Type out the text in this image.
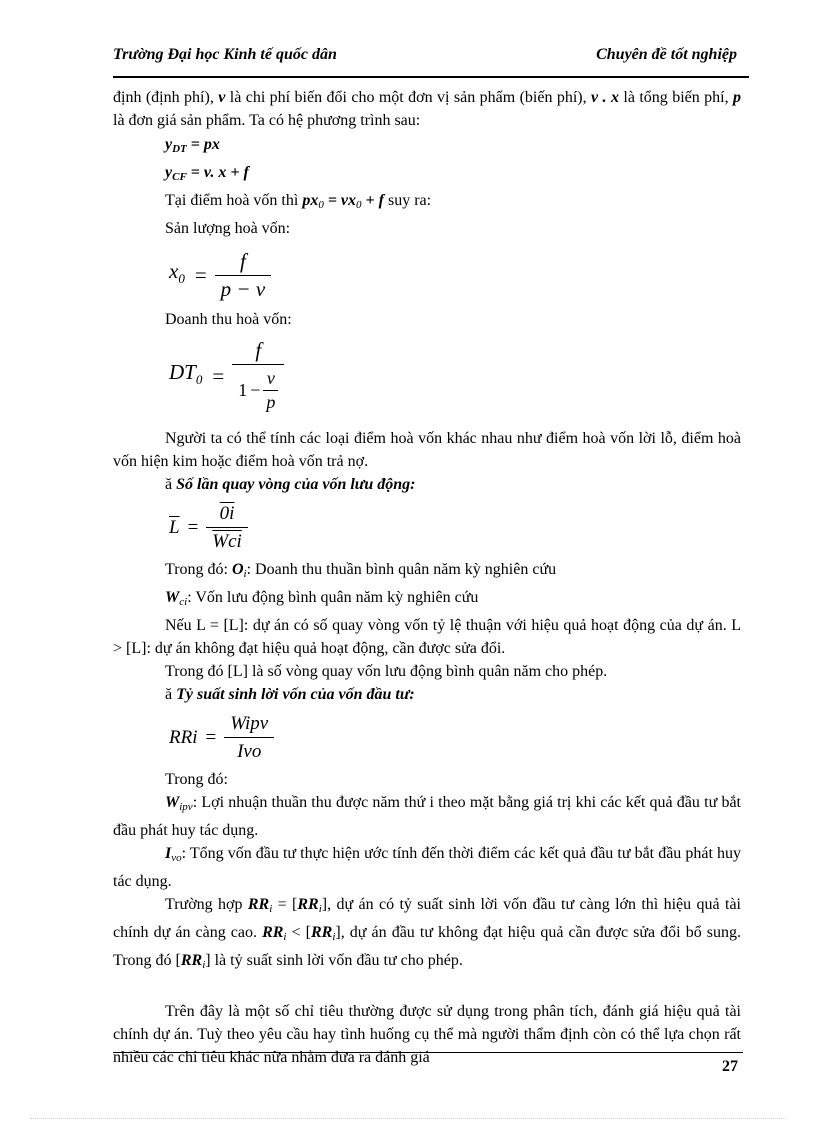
Trường Đại học Kinh tế quốc dân	Chuyên đề tốt nghiệp

định (định phí), v là chi phí biến đổi cho một đơn vị sản phẩm (biến phí), v . x là tổng biến phí, p là đơn giá sản phẩm. Ta có hệ phương trình sau:

$y_{DT}$ = px

$y_{CF} = v$. x + f

Tại điểm hoà vốn thì $px_0 = vx_0 + f$ suy ra:

Sản lượng hoà vốn:

$x_0 = \frac{f}{p - v}$

Doanh thu hoà vốn:

$DT_0$ =
f
1 −
v
p

Người ta có thể tính các loại điểm hoà vốn khác nhau như điểm hoà vốn lời lỗ, điểm hoà vốn hiện kim hoặc điểm hoà vốn trả nợ.

ă Số lần quay vòng của vốn lưu động:

$\overline{L} = \frac{0i}{\text{Wci}}$

Trong đó: $O_i$: Doanh thu thuần bình quân năm kỳ nghiên cứu

$W_{ci}$: Vốn lưu động bình quân năm kỳ nghiên cứu

Nếu L = [L]: dự án có số quay vòng vốn tỷ lệ thuận với hiệu quả hoạt động của dự án. L > [L]: dự án không đạt hiệu quả hoạt động, cần được sửa đổi.

Trong đó [L] là số vòng quay vốn lưu động bình quân năm cho phép.

ă Tỷ suất sinh lời vốn của vốn đầu tư:

RRi = $\frac{\text{Wipv}}{\text{Ivo}}$

Trong đó:

$W_{ipv}$: Lợi nhuận thuần thu được năm thứ i theo mặt bằng giá trị khi các kết quả đầu tư bắt đầu phát huy tác dụng.

$I_{vo}$: Tổng vốn đầu tư thực hiện ước tính đến thời điểm các kết quả đầu tư bắt đầu phát huy tác dụng.

Trường hợp $RR_i = [RR_i]$, dự án có tỷ suất sinh lời vốn đầu tư càng lớn thì hiệu quả tài chính dự án càng cao. $RR_i < [RR_i]$, dự án đầu tư không đạt hiệu quả cần được sửa đổi bổ sung. Trong đó $[RR_i]$ là tỷ suất sinh lời vốn đầu tư cho phép.

Trên đây là một số chỉ tiêu thường được sử dụng trong phân tích, đánh giá hiệu quả tài chính dự án. Tuỳ theo yêu cầu hay tình huống cụ thể mà người thẩm định còn có thể lựa chọn rất nhiều các chỉ tiêu khác nữa nhằm đưa ra đánh giá

27
